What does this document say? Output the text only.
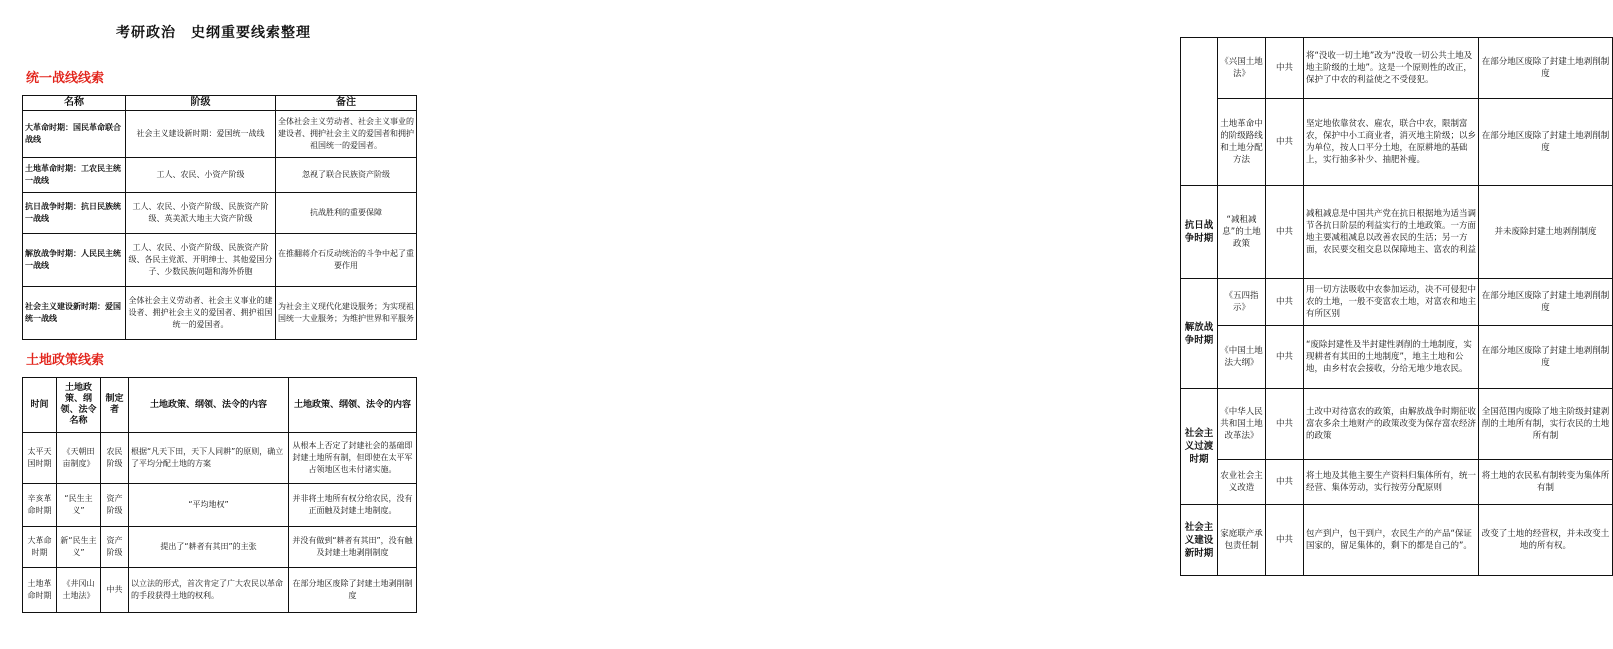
考研政治　史纲重要线索整理
统一战线线索
名称	阶级	备注
大革命时期：国民革命联合战线	社会主义建设新时期：爱国统一战线	全体社会主义劳动者、社会主义事业的建设者、拥护社会主义的爱国者和拥护祖国统一的爱国者。
土地革命时期：工农民主统一战线	工人、农民、小资产阶级	忽视了联合民族资产阶级
抗日战争时期：抗日民族统一战线	工人、农民、小资产阶级、民族资产阶级、英美派大地主大资产阶级	抗战胜利的重要保障
解放战争时期：人民民主统一战线	工人、农民、小资产阶级、民族资产阶级、各民主党派、开明绅士、其他爱国分子、少数民族问题和海外侨胞	在推翻蒋介石反动统治的斗争中起了重要作用
社会主义建设新时期：爱国统一战线	全体社会主义劳动者、社会主义事业的建设者、拥护社会主义的爱国者、拥护祖国统一的爱国者。	为社会主义现代化建设服务；为实现祖国统一大业服务；为维护世界和平服务
土地政策线索
时间	土地政策、纲领、法令名称	制定者	土地政策、纲领、法令的内容	土地政策、纲领、法令的内容
太平天国时期	《天朝田亩制度》	农民阶级	根据“凡天下田，天下人同耕”的原则，确立了平均分配土地的方案	从根本上否定了封建社会的基础即封建土地所有制，但即使在太平军占领地区也未付诸实施。
辛亥革命时期	“民生主义”	资产阶级	“平均地权”	并非将土地所有权分给农民，没有正面触及封建土地制度。
大革命时期	新“民生主义”	资产阶级	提出了“耕者有其田”的主张	并没有做到“耕者有其田”，没有触及封建土地剥削制度
土地革命时期	《井冈山土地法》	中共	以立法的形式，首次肯定了广大农民以革命的手段获得土地的权利。	在部分地区废除了封建土地剥削制度
	《兴国土地法》	中共	将“没收一切土地”改为“没收一切公共土地及地主阶级的土地”。这是一个原则性的改正，保护了中农的利益使之不受侵犯。	在部分地区废除了封建土地剥削制度
	土地革命中的阶级路线和土地分配方法	中共	坚定地依靠贫农、雇农，联合中农，限制富农，保护中小工商业者，消灭地主阶级；以乡为单位，按人口平分土地，在原耕地的基础上，实行抽多补少、抽肥补瘦。	在部分地区废除了封建土地剥削制度
抗日战争时期	“减租减息”的土地政策	中共	减租减息是中国共产党在抗日根据地为适当调节各抗日阶层的利益实行的土地政策。一方面地主要减租减息以改善农民的生活；另一方面，农民要交租交息以保障地主、富农的利益	并未废除封建土地剥削制度
解放战争时期	《五四指示》	中共	用一切方法吸收中农参加运动，决不可侵犯中农的土地，一般不变富农土地，对富农和地主有所区别	在部分地区废除了封建土地剥削制度
	《中国土地法大纲》	中共	“废除封建性及半封建性剥削的土地制度，实现耕者有其田的土地制度”，地主土地和公地，由乡村农会接收，分给无地少地农民。	在部分地区废除了封建土地剥削制度
社会主义过渡时期	《中华人民共和国土地改革法》	中共	土改中对待富农的政策，由解放战争时期征收富农多余土地财产的政策改变为保存富农经济的政策	全国范围内废除了地主阶级封建剥削的土地所有制，实行农民的土地所有制
	农业社会主义改造	中共	将土地及其他主要生产资料归集体所有，统一经营、集体劳动，实行按劳分配原则	将土地的农民私有制转变为集体所有制
社会主义建设新时期	家庭联产承包责任制	中共	包产到户，包干到户，农民生产的产品“保证国家的，留足集体的，剩下的都是自己的”。	改变了土地的经营权，并未改变土地的所有权。
